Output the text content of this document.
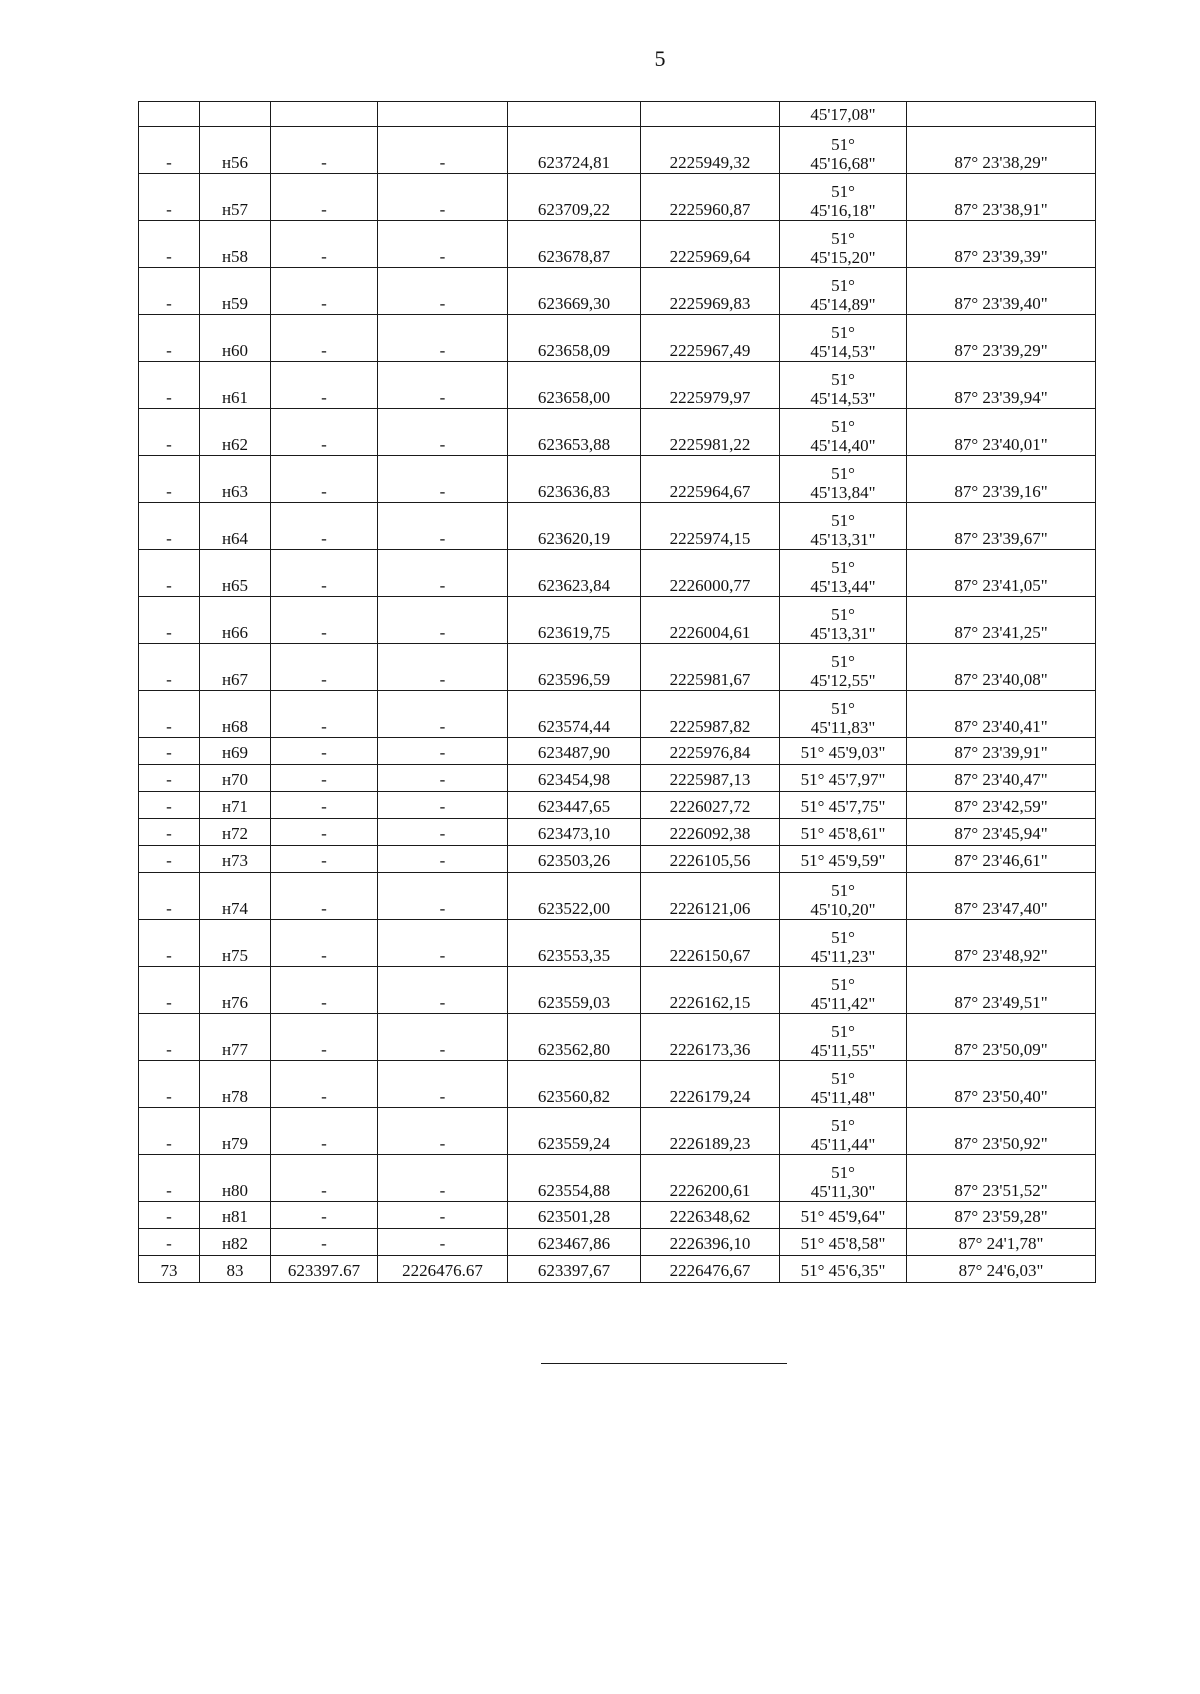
5
						45'17,08"	
-	н56	-	-	623724,81	2225949,32	51°
45'16,68"	87° 23'38,29"
-	н57	-	-	623709,22	2225960,87	51°
45'16,18"	87° 23'38,91"
-	н58	-	-	623678,87	2225969,64	51°
45'15,20"	87° 23'39,39"
-	н59	-	-	623669,30	2225969,83	51°
45'14,89"	87° 23'39,40"
-	н60	-	-	623658,09	2225967,49	51°
45'14,53"	87° 23'39,29"
-	н61	-	-	623658,00	2225979,97	51°
45'14,53"	87° 23'39,94"
-	н62	-	-	623653,88	2225981,22	51°
45'14,40"	87° 23'40,01"
-	н63	-	-	623636,83	2225964,67	51°
45'13,84"	87° 23'39,16"
-	н64	-	-	623620,19	2225974,15	51°
45'13,31"	87° 23'39,67"
-	н65	-	-	623623,84	2226000,77	51°
45'13,44"	87° 23'41,05"
-	н66	-	-	623619,75	2226004,61	51°
45'13,31"	87° 23'41,25"
-	н67	-	-	623596,59	2225981,67	51°
45'12,55"	87° 23'40,08"
-	н68	-	-	623574,44	2225987,82	51°
45'11,83"	87° 23'40,41"
-	н69	-	-	623487,90	2225976,84	51° 45'9,03"	87° 23'39,91"
-	н70	-	-	623454,98	2225987,13	51° 45'7,97"	87° 23'40,47"
-	н71	-	-	623447,65	2226027,72	51° 45'7,75"	87° 23'42,59"
-	н72	-	-	623473,10	2226092,38	51° 45'8,61"	87° 23'45,94"
-	н73	-	-	623503,26	2226105,56	51° 45'9,59"	87° 23'46,61"
-	н74	-	-	623522,00	2226121,06	51°
45'10,20"	87° 23'47,40"
-	н75	-	-	623553,35	2226150,67	51°
45'11,23"	87° 23'48,92"
-	н76	-	-	623559,03	2226162,15	51°
45'11,42"	87° 23'49,51"
-	н77	-	-	623562,80	2226173,36	51°
45'11,55"	87° 23'50,09"
-	н78	-	-	623560,82	2226179,24	51°
45'11,48"	87° 23'50,40"
-	н79	-	-	623559,24	2226189,23	51°
45'11,44"	87° 23'50,92"
-	н80	-	-	623554,88	2226200,61	51°
45'11,30"	87° 23'51,52"
-	н81	-	-	623501,28	2226348,62	51° 45'9,64"	87° 23'59,28"
-	н82	-	-	623467,86	2226396,10	51° 45'8,58"	87° 24'1,78"
73	83	623397.67	2226476.67	623397,67	2226476,67	51° 45'6,35"	87° 24'6,03"
